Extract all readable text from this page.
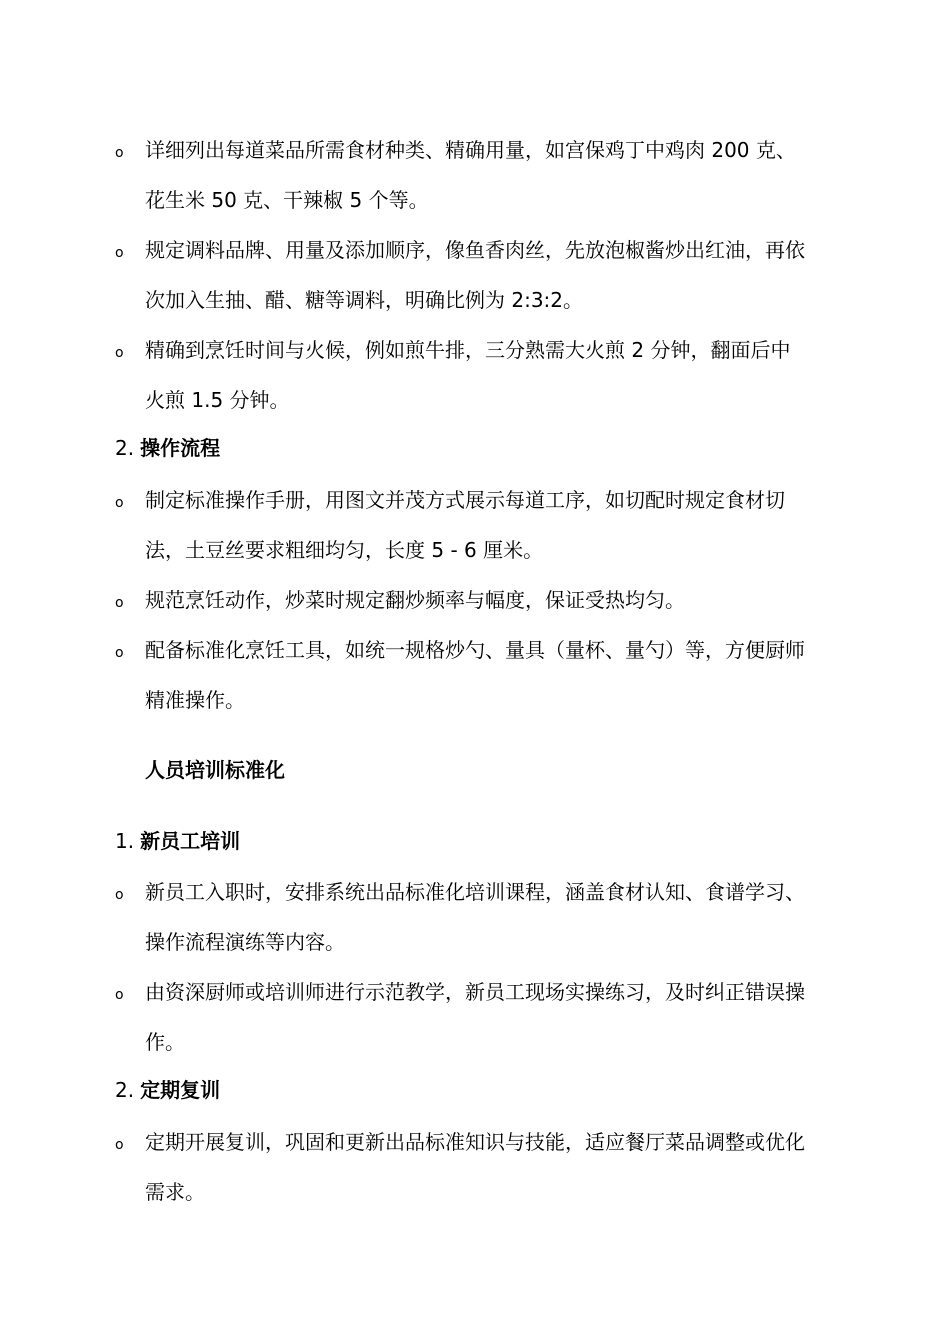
o 详细列出每道菜品所需食材种类、精确用量，如宫保鸡丁中鸡肉 200 克、花生米 50 克、干辣椒 5 个等。
o 规定调料品牌、用量及添加顺序，像鱼香肉丝，先放泡椒酱炒出红油，再依次加入生抽、醋、糖等调料，明确比例为 2:3:2。
o 精确到烹饪时间与火候，例如煎牛排，三分熟需大火煎 2 分钟，翻面后中火煎 1.5 分钟。
2. 操作流程
o 制定标准操作手册，用图文并茂方式展示每道工序，如切配时规定食材切法，土豆丝要求粗细均匀，长度 5 - 6 厘米。
o 规范烹饪动作，炒菜时规定翻炒频率与幅度，保证受热均匀。
o 配备标准化烹饪工具，如统一规格炒勺、量具（量杯、量勺）等，方便厨师精准操作。
人员培训标准化
1. 新员工培训
o 新员工入职时，安排系统出品标准化培训课程，涵盖食材认知、食谱学习、操作流程演练等内容。
o 由资深厨师或培训师进行示范教学，新员工现场实操练习，及时纠正错误操作。
2. 定期复训
o 定期开展复训，巩固和更新出品标准知识与技能，适应餐厅菜品调整或优化需求。
